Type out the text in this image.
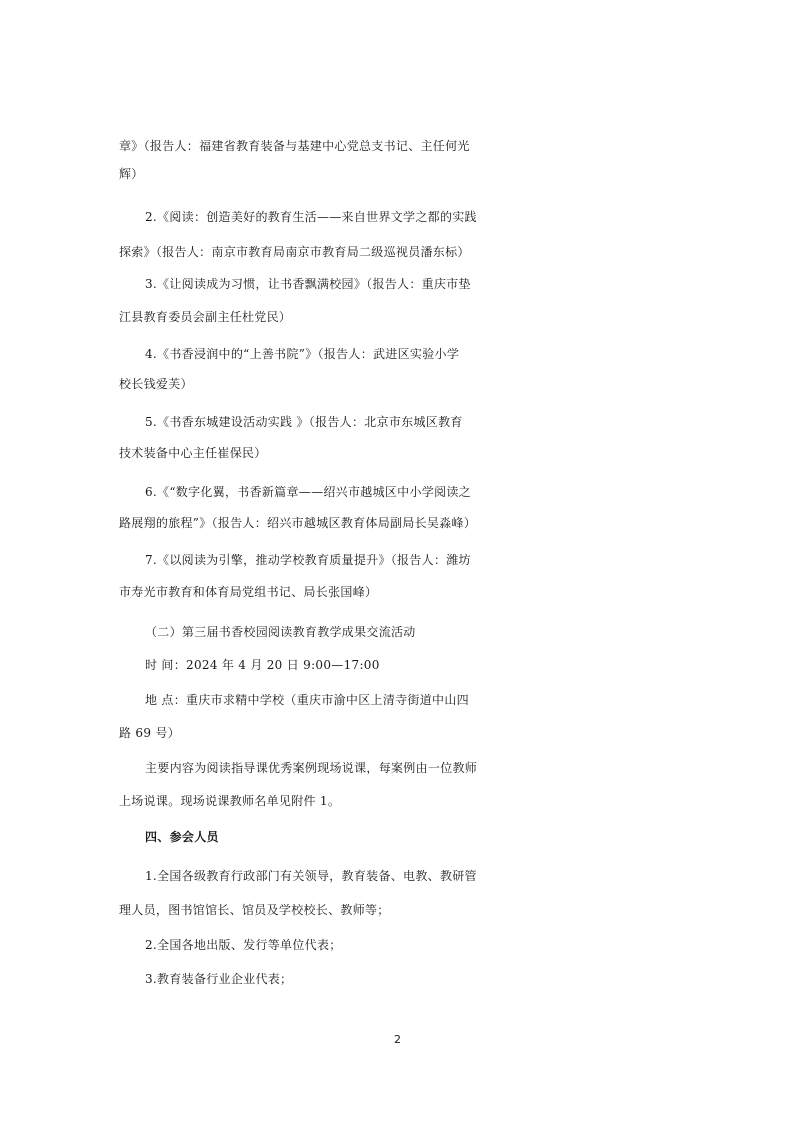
章》（报告人：福建省教育装备与基建中心党总支书记、主任何光
辉）
2.《阅读：创造美好的教育生活——来自世界文学之都的实践
探索》（报告人：南京市教育局南京市教育局二级巡视员潘东标）
3.《让阅读成为习惯，让书香飘满校园》（报告人：重庆市垫
江县教育委员会副主任杜党民）
4.《书香浸润中的“上善书院”》（报告人：武进区实验小学
校长钱爱芙）
5.《书香东城建设活动实践 》（报告人：北京市东城区教育
技术装备中心主任崔保民）
6.《“数字化翼，书香新篇章——绍兴市越城区中小学阅读之
路展翔的旅程”》（报告人：绍兴市越城区教育体局副局长吴淼峰）
7.《以阅读为引擎，推动学校教育质量提升》（报告人：潍坊
市寿光市教育和体育局党组书记、局长张国峰）
（二）第三届书香校园阅读教育教学成果交流活动
时 间：2024 年 4 月 20 日 9:00—17:00
地 点：重庆市求精中学校（重庆市渝中区上清寺街道中山四
路 69 号）
主要内容为阅读指导课优秀案例现场说课，每案例由一位教师
上场说课。现场说课教师名单见附件 1。
四、参会人员
1.全国各级教育行政部门有关领导，教育装备、电教、教研管
理人员，图书馆馆长、馆员及学校校长、教师等；
2.全国各地出版、发行等单位代表；
3.教育装备行业企业代表；
2
